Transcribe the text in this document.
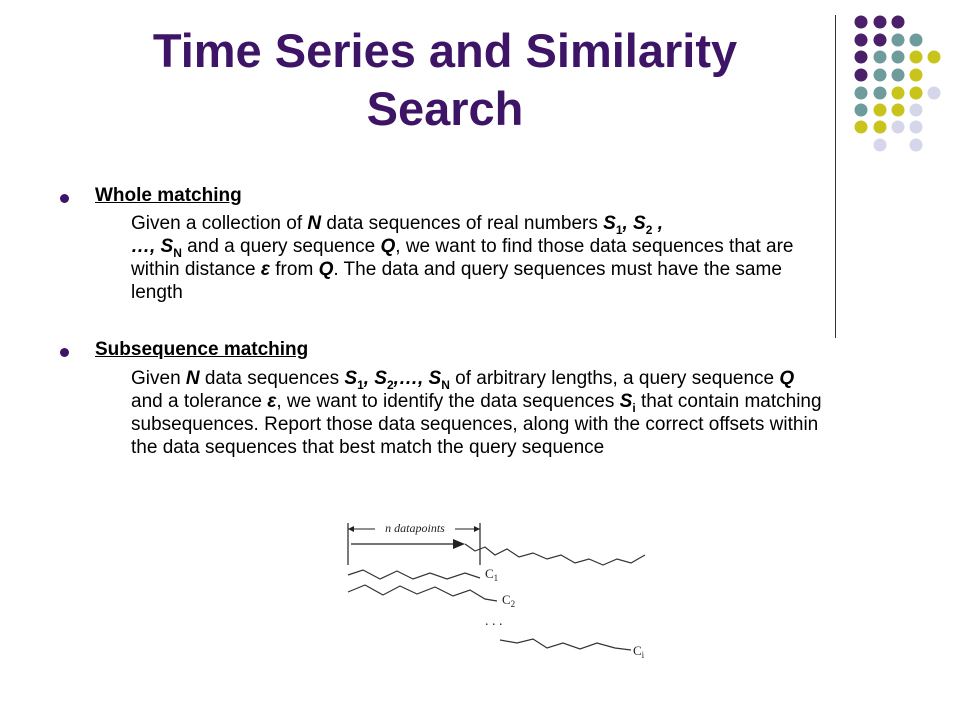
Time Series and Similarity
Search
Whole matching
Given a collection of N data sequences of real numbers $S_1$, $S_2$ ,
…, $S_N$ and a query sequence Q, we want to find those data sequences that are within distance ε from Q. The data and query sequences must have the same length
Subsequence matching
Given N data sequences $S_1$, $S_2,\dots$, $S_N$ of arbitrary lengths, a query sequence Q and a tolerance ε, we want to identify the data sequences $S_i$ that contain matching subsequences. Report those data sequences, along with the correct offsets within the data sequences that best match the query sequence
n datapoints
$C_1$
$C_2$
. . .
$C_i$
